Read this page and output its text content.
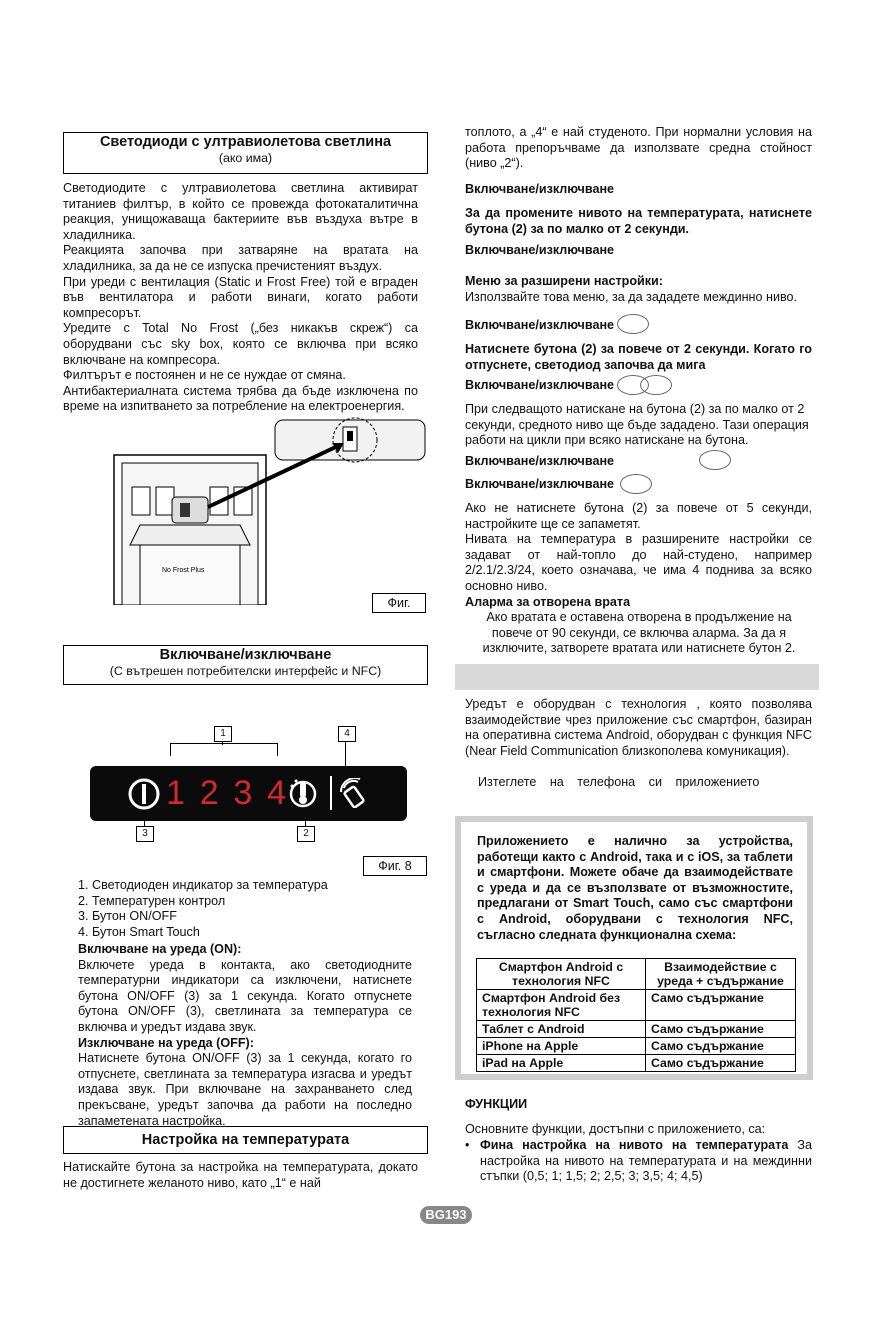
Светодиоди с ултравиолетова светлина
(ако има)

Светодиодите с ултравиолетова светлина активират титаниев филтър, в който се провежда фотокаталитична реакция, унищожаваща бактериите във въздуха вътре в хладилника.

Реакцията започва при затваряне на вратата на хладилника, за да не се изпуска пречистеният въздух.

При уреди с вентилация (Static и Frost Free) той е вграден във вентилатора и работи винаги, когато работи компресорът.

Уредите с Total No Frost („без никакъв скреж“) са оборудвани със sky box, която се включва при всяко включване на компресора.

Филтърът е постоянен и не се нуждае от смяна.

Антибактериалната система трябва да бъде изключена по време на изпитването за потребление на електроенергия.

No Frost Plus
Фиг.
Включване/изключване
(С вътрешен потребителски интерфейс и NFC)
1	4
1 2 3 4
3	2
Фиг. 8
1. Светодиоден индикатор за температура
2. Температурен контрол
3. Бутон ON/OFF
4. Бутон Smart Touch

Включване на уреда (ON):

Включете уреда в контакта, ако светодиодните температурни индикатори са изключени, натиснете бутона ON/OFF (3) за 1 секунда. Когато отпуснете бутона ON/OFF (3), светлината за температура се включва и уредът издава звук.

Изключване на уреда (OFF):

Натиснете бутона ON/OFF (3) за 1 секунда, когато го отпуснете, светлината за температура изгасва и уредът издава звук. При включване на захранването след прекъсване, уредът започва да работи на последно запаметената настройка.

Настройка на температурата
Натискайте бутона за настройка на температурата, докато не достигнете желаното ниво, като „1“ е най
топлото, а „4“ е най студеното. При нормални условия на работа препоръчваме да използвате средна стойност (ниво „2“).
Включване/изключване
За да промените нивото на температурата, натиснете бутона (2) за по малко от 2 секунди.
Включване/изключване
Меню за разширени настройки:
Използвайте това меню, за да зададете междинно ниво.
Включване/изключване
Натиснете бутона (2) за повече от 2 секунди. Когато го отпуснете, светодиод започва да мига
Включване/изключване
При следващото натискане на бутона (2) за по малко от 2 секунди, средното ниво ще бъде зададено. Тази операция работи на цикли при всяко натискане на бутона.
Включване/изключване
Включване/изключване
Ако не натиснете бутона (2) за повече от 5 секунди, настройките ще се запаметят.
Нивата на температура в разширените настройки се задават от най-топло до най-студено, например 2/2.1/2.3/24, което означава, че има 4 поднива за всяко основно ниво.
Аларма за отворена врата
Ако вратата е оставена отворена в продължение на повече от 90 секунди, се включва аларма. За да я изключите, затворете вратата или натиснете бутон 2.
Уредът е оборудван с технология , която позволява взаимодействие чрез приложение със смартфон, базиран на оперативна система Android, оборудван с функция NFC (Near Field Communication близкополева комуникация).
Изтеглете на телефона си приложението
Приложението е налично за устройства, работещи както с Android, така и с iOS, за таблети и смартфони. Можете обаче да взаимодействате с уреда и да се възползвате от възможностите, предлагани от Smart Touch, само със смартфони с Android, оборудвани с технология NFC, съгласно следната функционална схема:
Смартфон Android с технология NFC	Взаимодействие с уреда + съдържание
Смартфон Android без технология NFC	Само съдържание
Таблет с Android	Само съдържание
iPhone на Apple	Само съдържание
iPad на Apple	Само съдържание
ФУНКЦИИ
Основните функции, достъпни с приложението, са:
• Фина настройка на нивото на температурата За настройка на нивото на температурата и на междинни стъпки (0,5; 1; 1,5; 2; 2,5; 3; 3,5; 4; 4,5)
BG193
